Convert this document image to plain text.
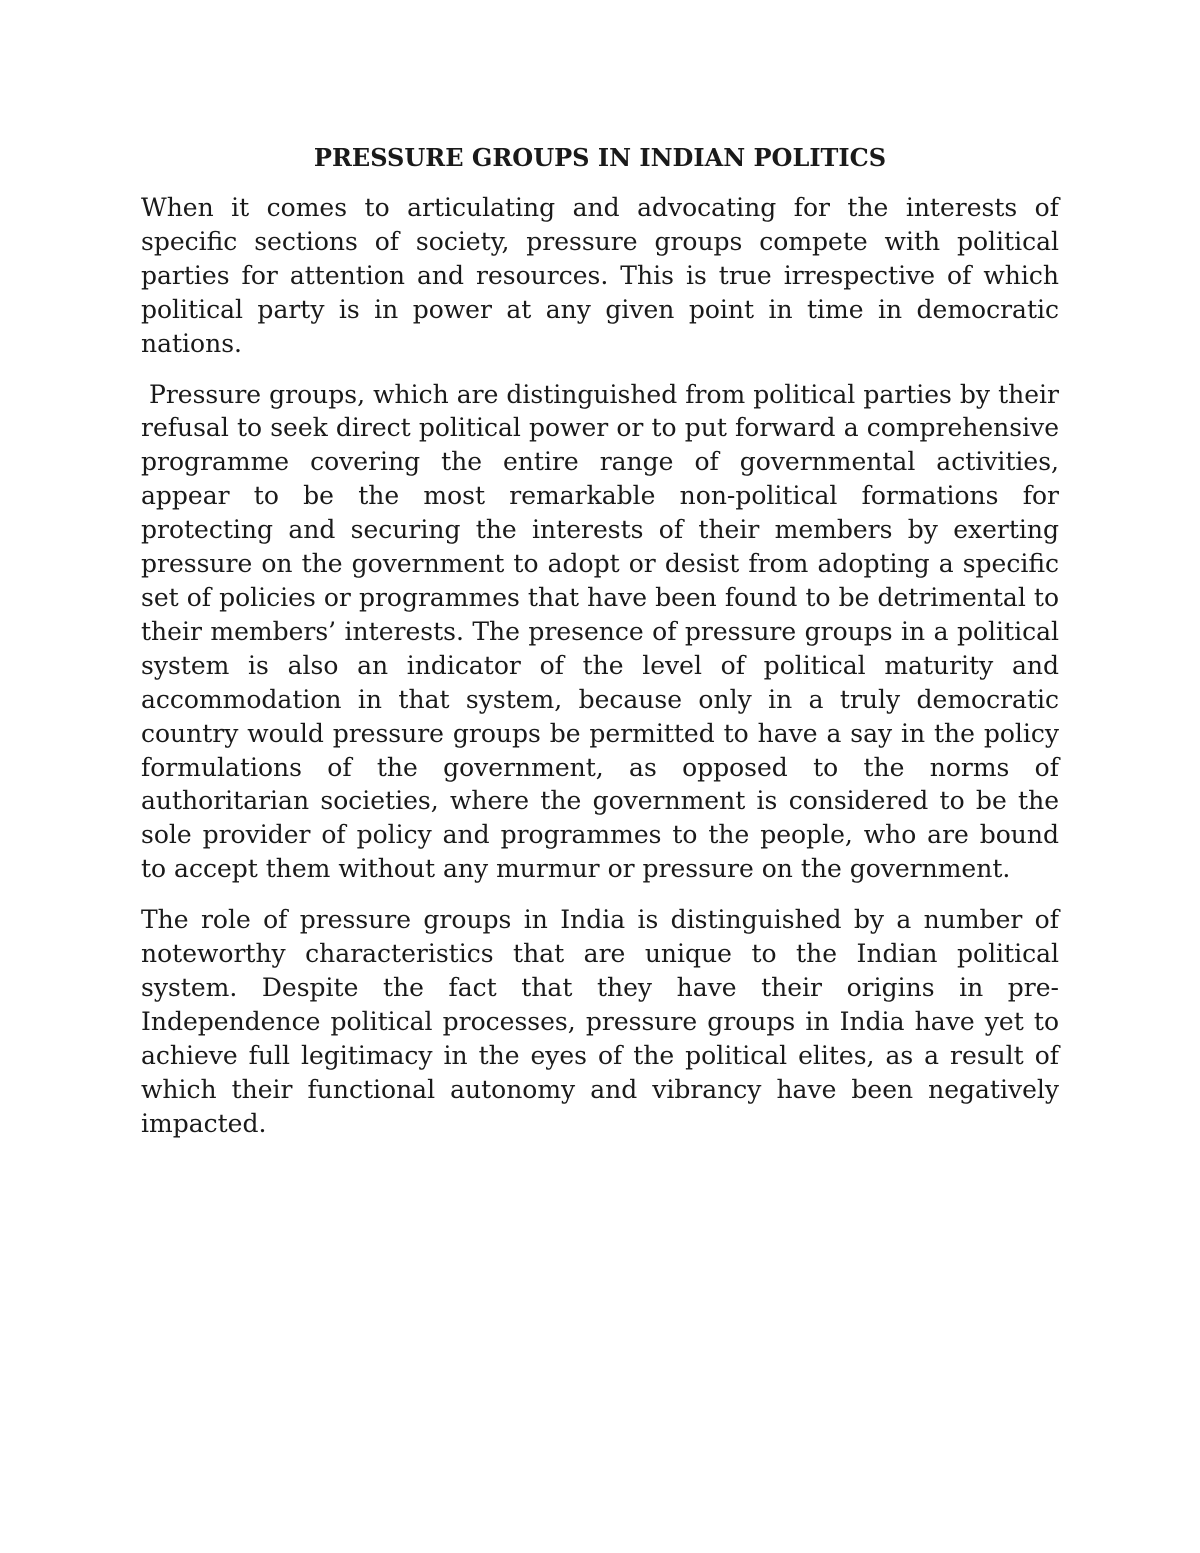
PRESSURE GROUPS IN INDIAN POLITICS

When it comes to articulating and advocating for the interests of specific sections of society, pressure groups compete with political parties for attention and resources. This is true irrespective of which political party is in power at any given point in time in democratic nations.

Pressure groups, which are distinguished from political parties by their refusal to seek direct political power or to put forward a comprehensive programme covering the entire range of governmental activities, appear to be the most remarkable non-political formations for protecting and securing the interests of their members by exerting pressure on the government to adopt or desist from adopting a specific set of policies or programmes that have been found to be detrimental to their members’ interests. The presence of pressure groups in a political system is also an indicator of the level of political maturity and accommodation in that system, because only in a truly democratic country would pressure groups be permitted to have a say in the policy formulations of the government, as opposed to the norms of authoritarian societies, where the government is considered to be the sole provider of policy and programmes to the people, who are bound to accept them without any murmur or pressure on the government.

The role of pressure groups in India is distinguished by a number of noteworthy characteristics that are unique to the Indian political system. Despite the fact that they have their origins in pre-Independence political processes, pressure groups in India have yet to achieve full legitimacy in the eyes of the political elites, as a result of which their functional autonomy and vibrancy have been negatively impacted.
